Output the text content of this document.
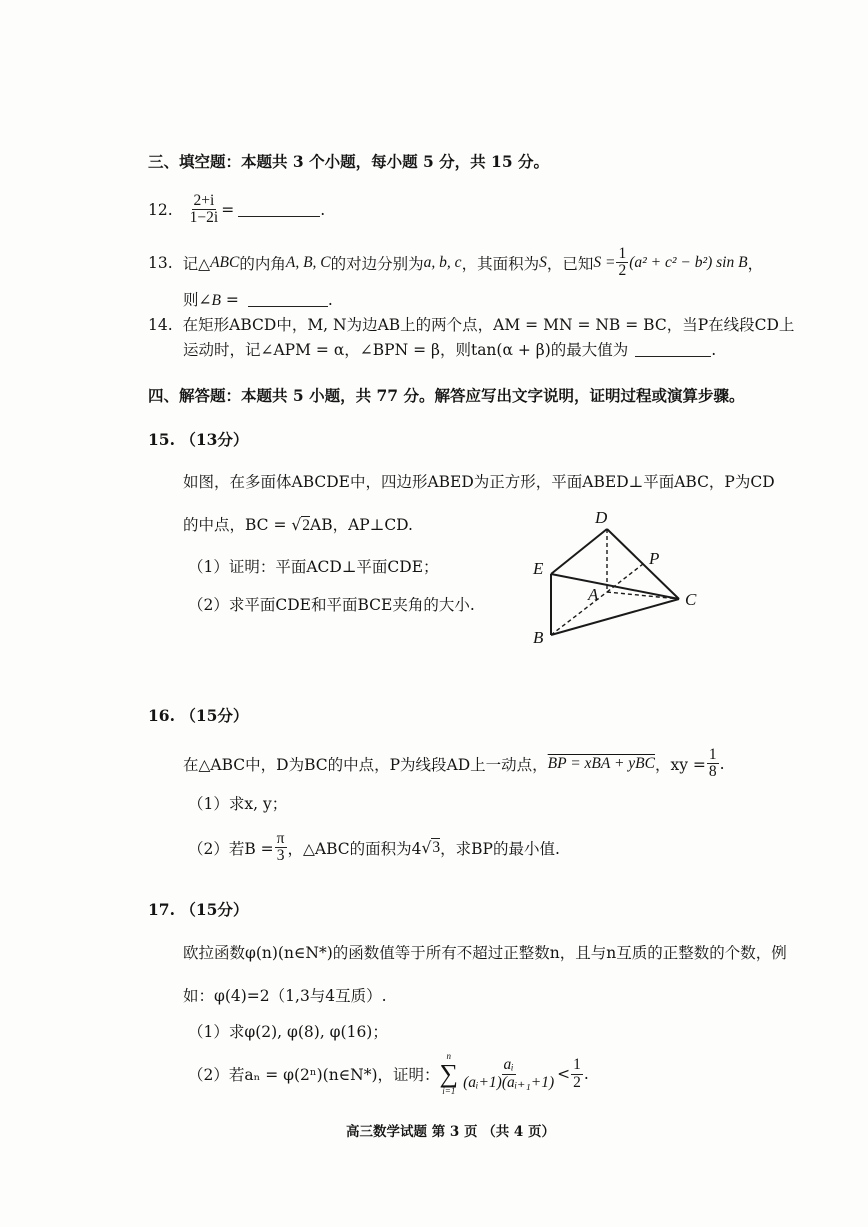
三、填空题：本题共 3 个小题，每小题 5 分，共 15 分。
12. $\frac{2+i}{1-2i}$ =	.
13. 记△ ABC 的内角 A, B, C 的对边分别为 a, b, c ，其面积为 S ，已知 $S = \frac{1}{2} (a^2 + c^2 - b^2)$ sin B ，
则∠B =	.
14. 在矩形ABCD中，M, N为边AB上的两个点，AM = MN = NB = BC，当P在线段CD上
运动时，记∠APM = α，∠BPN = β，则tan(α + β)的最大值为	.
四、解答题：本题共 5 小题，共 77 分。解答应写出文字说明，证明过程或演算步骤。
15. （13分）
如图，在多面体ABCDE中，四边形ABED为正方形，平面ABED⊥平面ABC，P为CD
的中点，BC = √2AB，AP⊥CD.
（1）证明：平面ACD⊥平面CDE；
（2）求平面CDE和平面BCE夹角的大小.
D
E
P
A	C
B
16. （15分）
在△ABC中，D为BC的中点，P为线段AD上一动点， BP = xBA + yBC ，xy = $\frac{1}{8}$ .
（1）求x, y；
（2）若$B = \frac{\pi}{3}$ ，△ABC的面积为4 √ 3 ，求BP的最小值.
17. （15分）
欧拉函数φ(n)(n∈N*)的函数值等于所有不超过正整数n，且与n互质的正整数的个数，例
如：φ(4)=2（1,3与4互质）.
（1）求φ(2), φ(8), φ(16)；
（2）若aₙ = φ(2ⁿ)(n∈N*)，证明：
n
∑
i=1
$\frac{\text{aᵢ}}{\text{(aᵢ+1)(aᵢ₊₁+1)}} < \frac{1}{2}$ .
高三数学试题 第 3 页 （共 4 页）
